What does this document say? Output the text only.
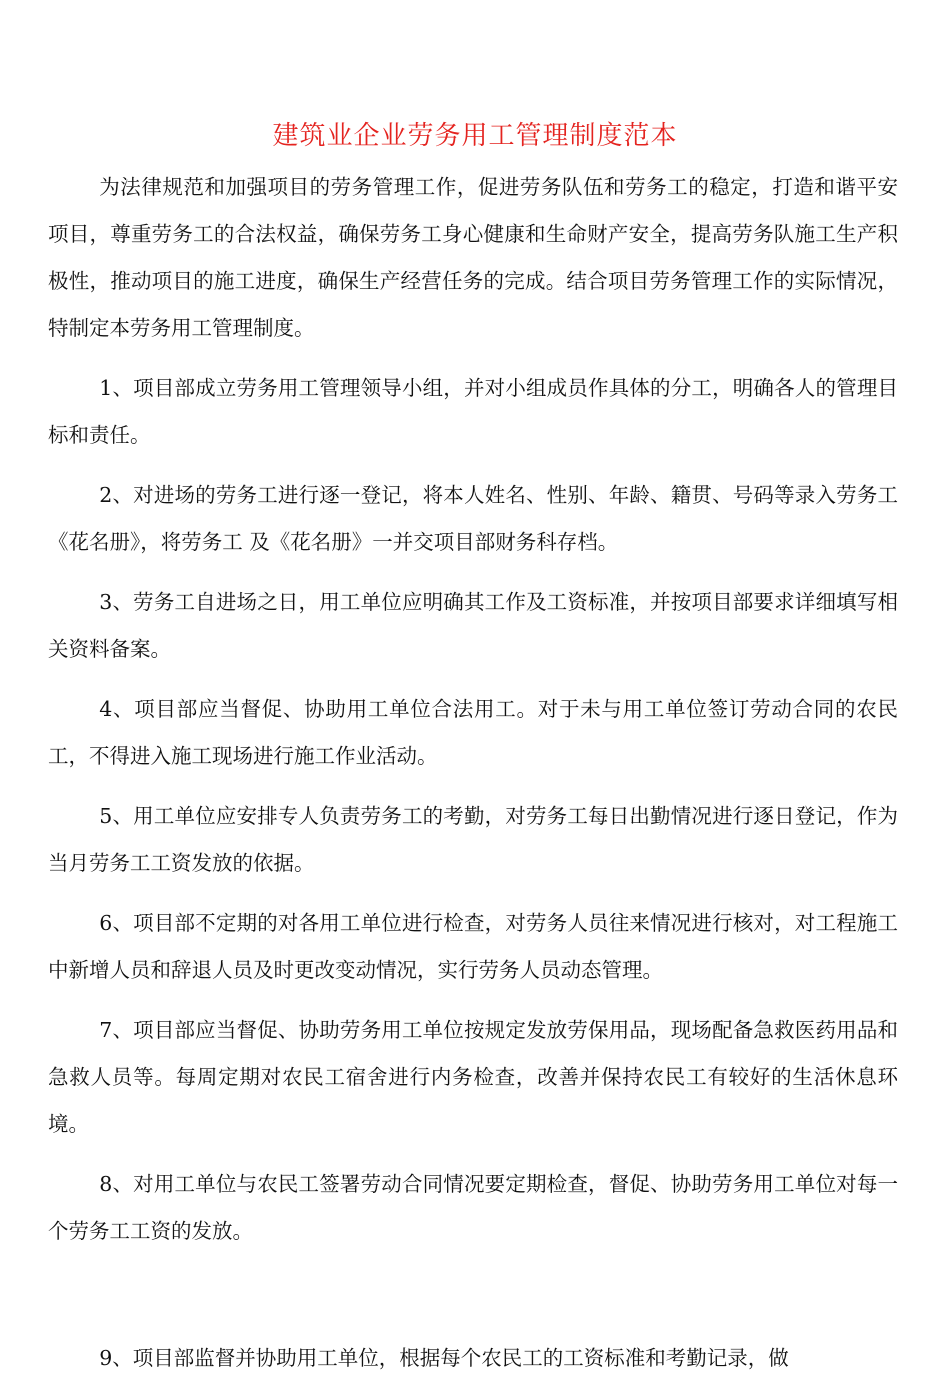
建筑业企业劳务用工管理制度范本

为法律规范和加强项目的劳务管理工作，促进劳务队伍和劳务工的稳定，打造和谐平安项目，尊重劳务工的合法权益，确保劳务工身心健康和生命财产安全，提高劳务队施工生产积极性，推动项目的施工进度，确保生产经营任务的完成。结合项目劳务管理工作的实际情况，特制定本劳务用工管理制度。

1、项目部成立劳务用工管理领导小组，并对小组成员作具体的分工，明确各人的管理目标和责任。

2、对进场的劳务工进行逐一登记，将本人姓名、性别、年龄、籍贯、号码等录入劳务工《花名册》，将劳务工 及《花名册》一并交项目部财务科存档。

3、劳务工自进场之日，用工单位应明确其工作及工资标准，并按项目部要求详细填写相关资料备案。

4、项目部应当督促、协助用工单位合法用工。对于未与用工单位签订劳动合同的农民工，不得进入施工现场进行施工作业活动。

5、用工单位应安排专人负责劳务工的考勤，对劳务工每日出勤情况进行逐日登记，作为当月劳务工工资发放的依据。

6、项目部不定期的对各用工单位进行检查，对劳务人员往来情况进行核对，对工程施工中新增人员和辞退人员及时更改变动情况，实行劳务人员动态管理。

7、项目部应当督促、协助劳务用工单位按规定发放劳保用品，现场配备急救医药用品和急救人员等。每周定期对农民工宿舍进行内务检查，改善并保持农民工有较好的生活休息环境。

8、对用工单位与农民工签署劳动合同情况要定期检查，督促、协助劳务用工单位对每一个劳务工工资的发放。

9、项目部监督并协助用工单位，根据每个农民工的工资标准和考勤记录，做
